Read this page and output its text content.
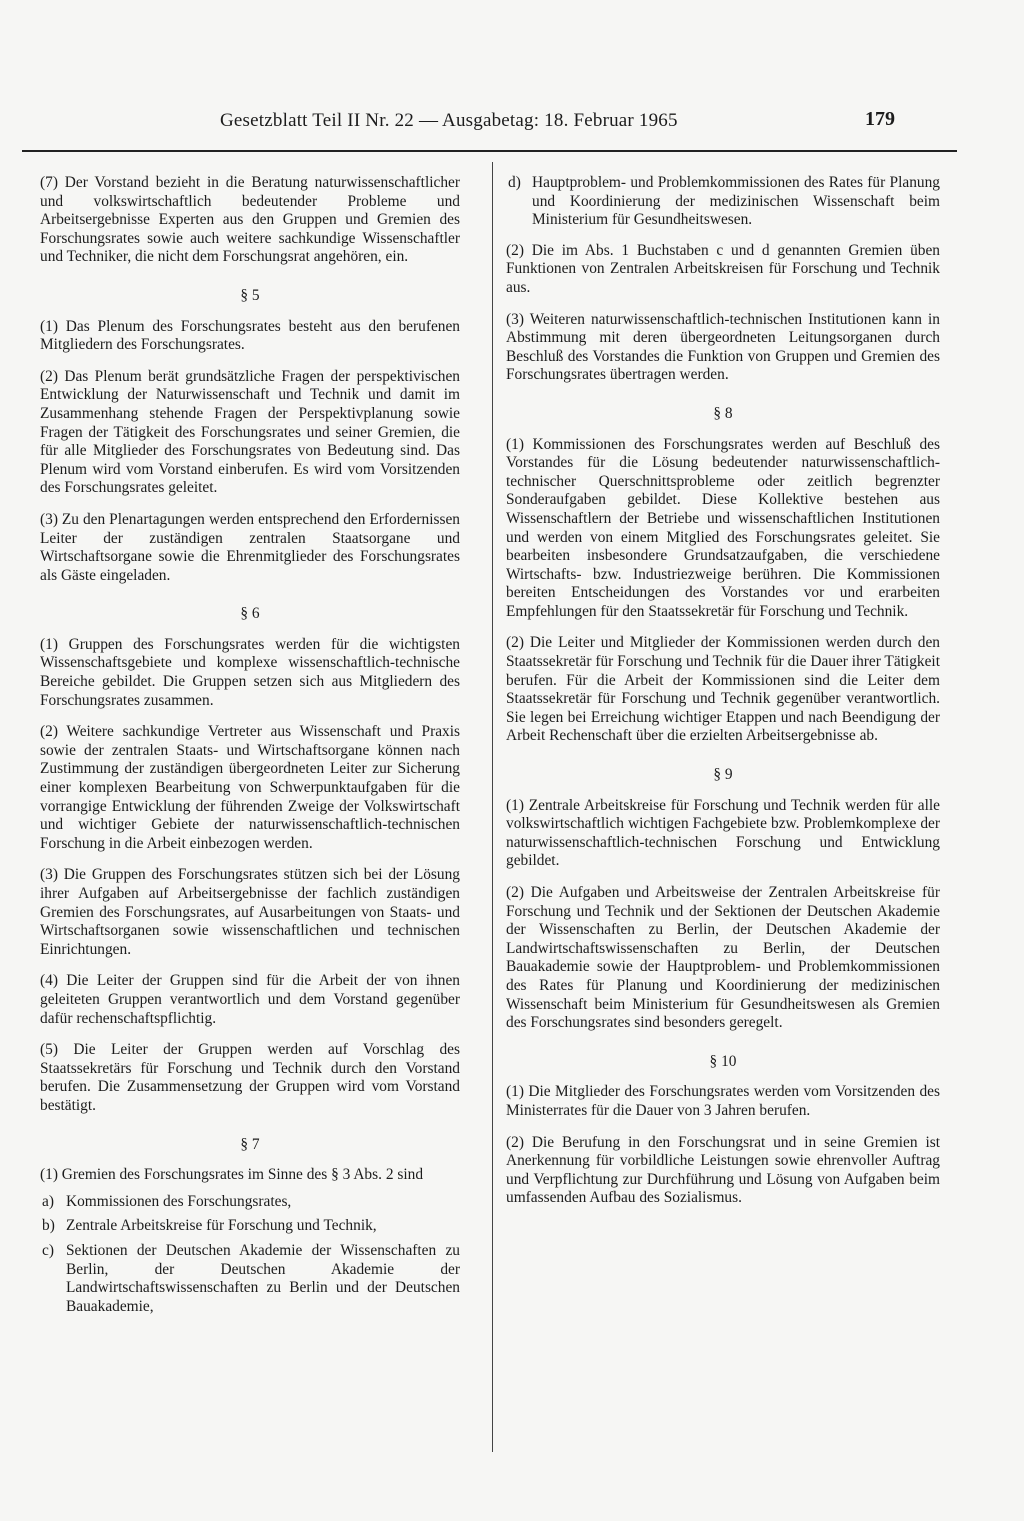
Gesetzblatt Teil II Nr. 22 — Ausgabetag: 18. Februar 1965	179

(7) Der Vorstand bezieht in die Beratung naturwissenschaftlicher und volkswirtschaftlich bedeutender Probleme und Arbeitsergebnisse Experten aus den Gruppen und Gremien des Forschungsrates sowie auch weitere sachkundige Wissenschaftler und Techniker, die nicht dem Forschungsrat angehören, ein.

§ 5

(1) Das Plenum des Forschungsrates besteht aus den berufenen Mitgliedern des Forschungsrates.

(2) Das Plenum berät grundsätzliche Fragen der perspektivischen Entwicklung der Naturwissenschaft und Technik und damit im Zusammenhang stehende Fragen der Perspektivplanung sowie Fragen der Tätigkeit des Forschungsrates und seiner Gremien, die für alle Mitglieder des Forschungsrates von Bedeutung sind. Das Plenum wird vom Vorstand einberufen. Es wird vom Vorsitzenden des Forschungsrates geleitet.

(3) Zu den Plenartagungen werden entsprechend den Erfordernissen Leiter der zuständigen zentralen Staatsorgane und Wirtschaftsorgane sowie die Ehrenmitglieder des Forschungsrates als Gäste eingeladen.

§ 6

(1) Gruppen des Forschungsrates werden für die wichtigsten Wissenschaftsgebiete und komplexe wissenschaftlich-technische Bereiche gebildet. Die Gruppen setzen sich aus Mitgliedern des Forschungsrates zusammen.

(2) Weitere sachkundige Vertreter aus Wissenschaft und Praxis sowie der zentralen Staats- und Wirtschaftsorgane können nach Zustimmung der zuständigen übergeordneten Leiter zur Sicherung einer komplexen Bearbeitung von Schwerpunktaufgaben für die vorrangige Entwicklung der führenden Zweige der Volkswirtschaft und wichtiger Gebiete der naturwissenschaftlich-technischen Forschung in die Arbeit einbezogen werden.

(3) Die Gruppen des Forschungsrates stützen sich bei der Lösung ihrer Aufgaben auf Arbeitsergebnisse der fachlich zuständigen Gremien des Forschungsrates, auf Ausarbeitungen von Staats- und Wirtschaftsorganen sowie wissenschaftlichen und technischen Einrichtungen.

(4) Die Leiter der Gruppen sind für die Arbeit der von ihnen geleiteten Gruppen verantwortlich und dem Vorstand gegenüber dafür rechenschaftspflichtig.

(5) Die Leiter der Gruppen werden auf Vorschlag des Staatssekretärs für Forschung und Technik durch den Vorstand berufen. Die Zusammensetzung der Gruppen wird vom Vorstand bestätigt.

§ 7

(1) Gremien des Forschungsrates im Sinne des § 3 Abs. 2 sind

a) Kommissionen des Forschungsrates,
b) Zentrale Arbeitskreise für Forschung und Technik,
c) Sektionen der Deutschen Akademie der Wissenschaften zu Berlin, der Deutschen Akademie der Landwirtschaftswissenschaften zu Berlin und der Deutschen Bauakademie,
d) Hauptproblem- und Problemkommissionen des Rates für Planung und Koordinierung der medizinischen Wissenschaft beim Ministerium für Gesundheitswesen.

(2) Die im Abs. 1 Buchstaben c und d genannten Gremien üben Funktionen von Zentralen Arbeitskreisen für Forschung und Technik aus.

(3) Weiteren naturwissenschaftlich-technischen Institutionen kann in Abstimmung mit deren übergeordneten Leitungsorganen durch Beschluß des Vorstandes die Funktion von Gruppen und Gremien des Forschungsrates übertragen werden.

§ 8

(1) Kommissionen des Forschungsrates werden auf Beschluß des Vorstandes für die Lösung bedeutender naturwissenschaftlich-technischer Querschnittsprobleme oder zeitlich begrenzter Sonderaufgaben gebildet. Diese Kollektive bestehen aus Wissenschaftlern der Betriebe und wissenschaftlichen Institutionen und werden von einem Mitglied des Forschungsrates geleitet. Sie bearbeiten insbesondere Grundsatzaufgaben, die verschiedene Wirtschafts- bzw. Industriezweige berühren. Die Kommissionen bereiten Entscheidungen des Vorstandes vor und erarbeiten Empfehlungen für den Staatssekretär für Forschung und Technik.

(2) Die Leiter und Mitglieder der Kommissionen werden durch den Staatssekretär für Forschung und Technik für die Dauer ihrer Tätigkeit berufen. Für die Arbeit der Kommissionen sind die Leiter dem Staatssekretär für Forschung und Technik gegenüber verantwortlich. Sie legen bei Erreichung wichtiger Etappen und nach Beendigung der Arbeit Rechenschaft über die erzielten Arbeitsergebnisse ab.

§ 9

(1) Zentrale Arbeitskreise für Forschung und Technik werden für alle volkswirtschaftlich wichtigen Fachgebiete bzw. Problemkomplexe der naturwissenschaftlich-technischen Forschung und Entwicklung gebildet.

(2) Die Aufgaben und Arbeitsweise der Zentralen Arbeitskreise für Forschung und Technik und der Sektionen der Deutschen Akademie der Wissenschaften zu Berlin, der Deutschen Akademie der Landwirtschaftswissenschaften zu Berlin, der Deutschen Bauakademie sowie der Hauptproblem- und Problemkommissionen des Rates für Planung und Koordinierung der medizinischen Wissenschaft beim Ministerium für Gesundheitswesen als Gremien des Forschungsrates sind besonders geregelt.

§ 10

(1) Die Mitglieder des Forschungsrates werden vom Vorsitzenden des Ministerrates für die Dauer von 3 Jahren berufen.

(2) Die Berufung in den Forschungsrat und in seine Gremien ist Anerkennung für vorbildliche Leistungen sowie ehrenvoller Auftrag und Verpflichtung zur Durchführung und Lösung von Aufgaben beim umfassenden Aufbau des Sozialismus.
